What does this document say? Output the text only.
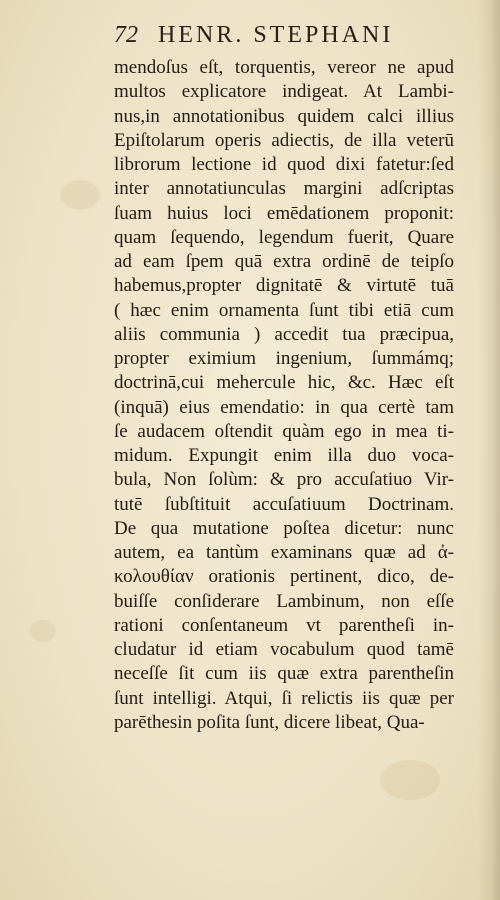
72 HENR. STEPHANI
mendoſus eſt, torquentis, vereor ne apud
multos explicatore indigeat. At Lambi-
nus,in annotationibus quidem calci illius
Epiſtolarum operis adiectis, de illa veterū
librorum lectione id quod dixi fatetur:ſed
inter annotatiunculas margini adſcriptas
ſuam huius loci emēdationem proponit:
quam ſequendo, legendum fuerit, Quare
ad eam ſpem quā extra ordinē de teipſo
habemus,propter dignitatē & virtutē tuā
( hæc enim ornamenta ſunt tibi etiā cum
aliis communia ) accedit tua præcipua,
propter eximium ingenium, ſummámq;
doctrinā,cui mehercule hic, &c. Hæc eſt
(inquā) eius emendatio: in qua certè tam
ſe audacem oſtendit quàm ego in mea ti-
midum. Expungit enim illa duo voca-
bula, Non ſolùm: & pro accuſatiuo Vir-
tutē ſubſtituit accuſatiuum Doctrinam.
De qua mutatione poſtea dicetur: nunc
autem, ea tantùm examinans quæ ad ἀ-
κολουθίαν orationis pertinent, dico, de-
buiſſe conſiderare Lambinum, non eſſe
rationi conſentaneum vt parentheſi in-
cludatur id etiam vocabulum quod tamē
neceſſe ſit cum iis quæ extra parentheſin
ſunt intelligi. Atqui, ſi relictis iis quæ per
parēthesin poſita ſunt, dicere libeat, Qua-
